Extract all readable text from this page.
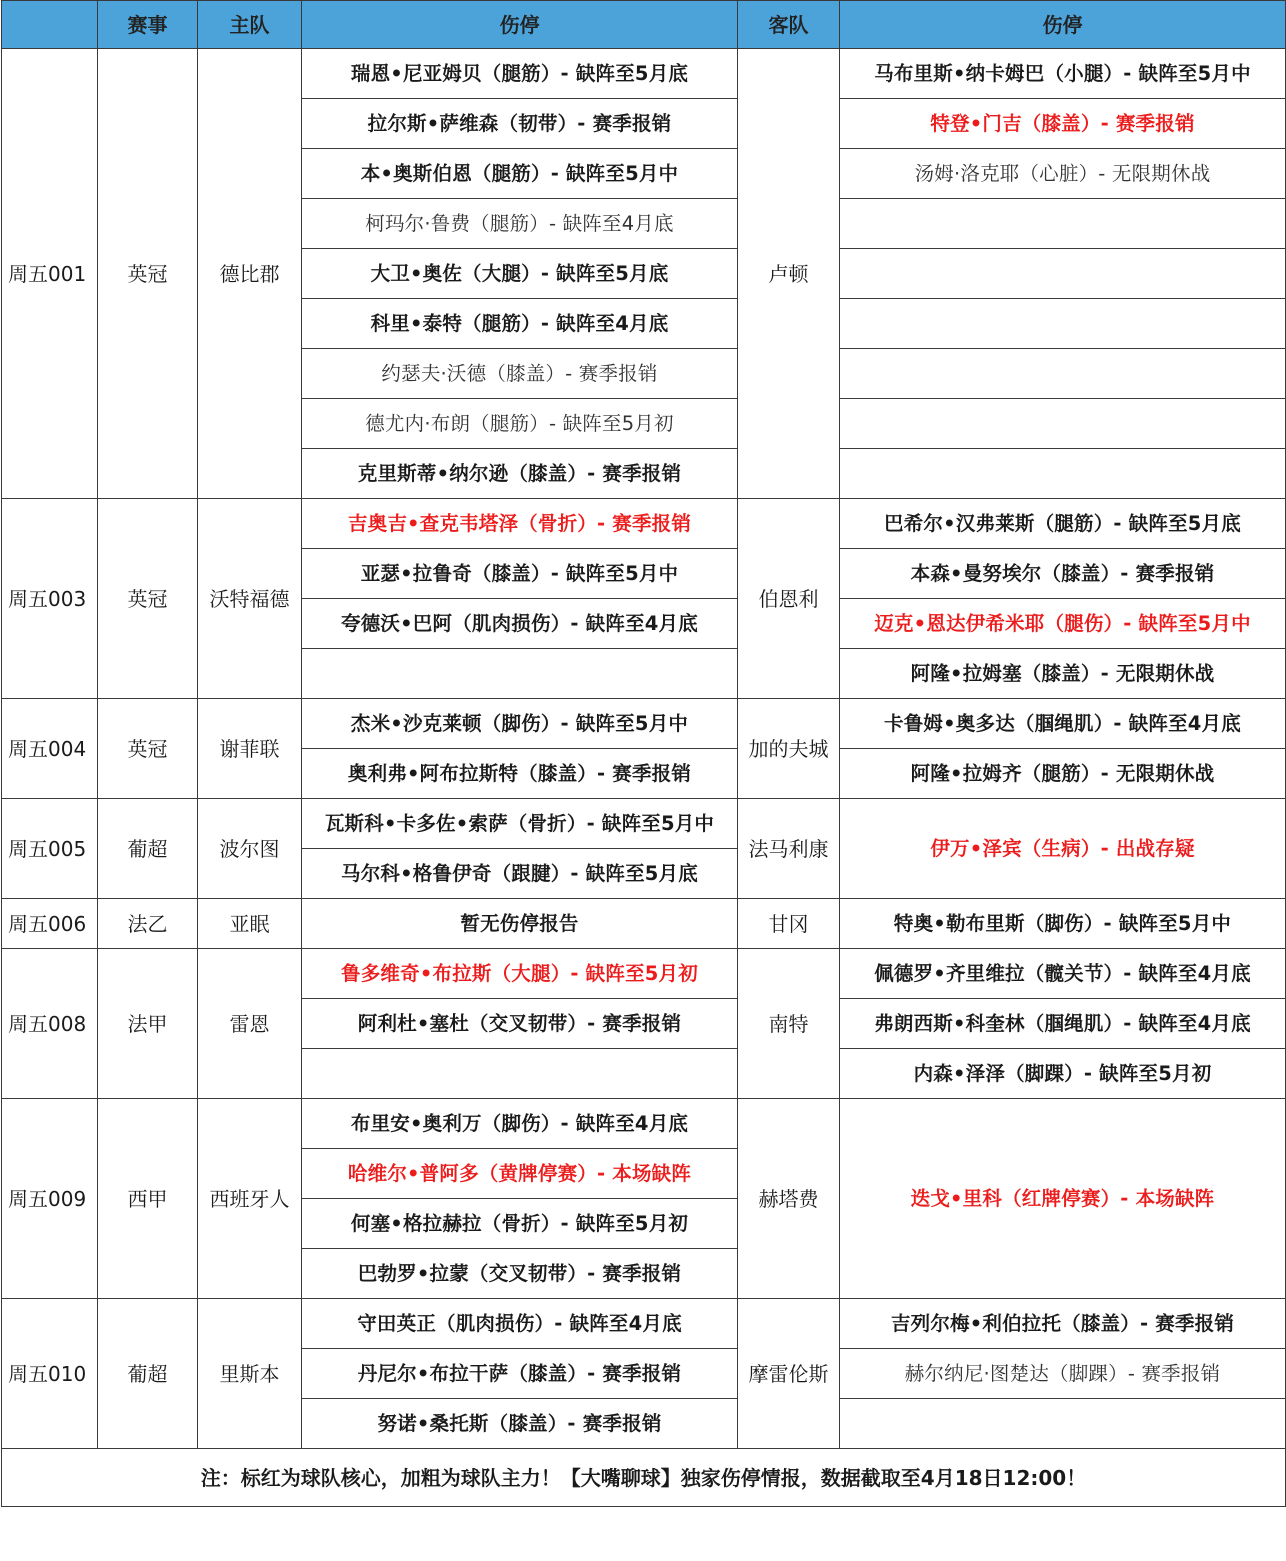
	赛事	主队	伤停	客队	伤停
周五001	英冠	德比郡	瑞恩•尼亚姆贝（腿筋）- 缺阵至5月底	卢顿	马布里斯•纳卡姆巴（小腿）- 缺阵至5月中
			拉尔斯•萨维森（韧带）- 赛季报销		特登•门吉（膝盖）- 赛季报销
			本•奥斯伯恩（腿筋）- 缺阵至5月中		汤姆·洛克耶（心脏）- 无限期休战
			柯玛尔·鲁费（腿筋）- 缺阵至4月底		
			大卫•奥佐（大腿）- 缺阵至5月底		
			科里•泰特（腿筋）- 缺阵至4月底		
			约瑟夫·沃德（膝盖）- 赛季报销		
			德尤内·布朗（腿筋）- 缺阵至5月初		
			克里斯蒂•纳尔逊（膝盖）- 赛季报销		
周五003	英冠	沃特福德	吉奥吉•查克韦塔泽（骨折）- 赛季报销	伯恩利	巴希尔•汉弗莱斯（腿筋）- 缺阵至5月底
			亚瑟•拉鲁奇（膝盖）- 缺阵至5月中		本森•曼努埃尔（膝盖）- 赛季报销
			夸德沃•巴阿（肌肉损伤）- 缺阵至4月底		迈克•恩达伊希米耶（腿伤）- 缺阵至5月中
					阿隆•拉姆塞（膝盖）- 无限期休战
周五004	英冠	谢菲联	杰米•沙克莱顿（脚伤）- 缺阵至5月中	加的夫城	卡鲁姆•奥多达（腘绳肌）- 缺阵至4月底
			奥利弗•阿布拉斯特（膝盖）- 赛季报销		阿隆•拉姆齐（腿筋）- 无限期休战
周五005	葡超	波尔图	瓦斯科•卡多佐•索萨（骨折）- 缺阵至5月中	法马利康	伊万•泽宾（生病）- 出战存疑
			马尔科•格鲁伊奇（跟腱）- 缺阵至5月底		
周五006	法乙	亚眠	暂无伤停报告	甘冈	特奥•勒布里斯（脚伤）- 缺阵至5月中
周五008	法甲	雷恩	鲁多维奇•布拉斯（大腿）- 缺阵至5月初	南特	佩德罗•齐里维拉（髋关节）- 缺阵至4月底
			阿利杜•塞杜（交叉韧带）- 赛季报销		弗朗西斯•科奎林（腘绳肌）- 缺阵至4月底
					内森•泽泽（脚踝）- 缺阵至5月初
周五009	西甲	西班牙人	布里安•奥利万（脚伤）- 缺阵至4月底	赫塔费	迭戈•里科（红牌停赛）- 本场缺阵
			哈维尔•普阿多（黄牌停赛）- 本场缺阵		
			何塞•格拉赫拉（骨折）- 缺阵至5月初		
			巴勃罗•拉蒙（交叉韧带）- 赛季报销		
周五010	葡超	里斯本	守田英正（肌肉损伤）- 缺阵至4月底	摩雷伦斯	吉列尔梅•利伯拉托（膝盖）- 赛季报销
			丹尼尔•布拉干萨（膝盖）- 赛季报销		赫尔纳尼·图楚达（脚踝）- 赛季报销
			努诺•桑托斯（膝盖）- 赛季报销		
注：标红为球队核心，加粗为球队主力！【大嘴聊球】独家伤停情报，数据截取至4月18日12:00！					
